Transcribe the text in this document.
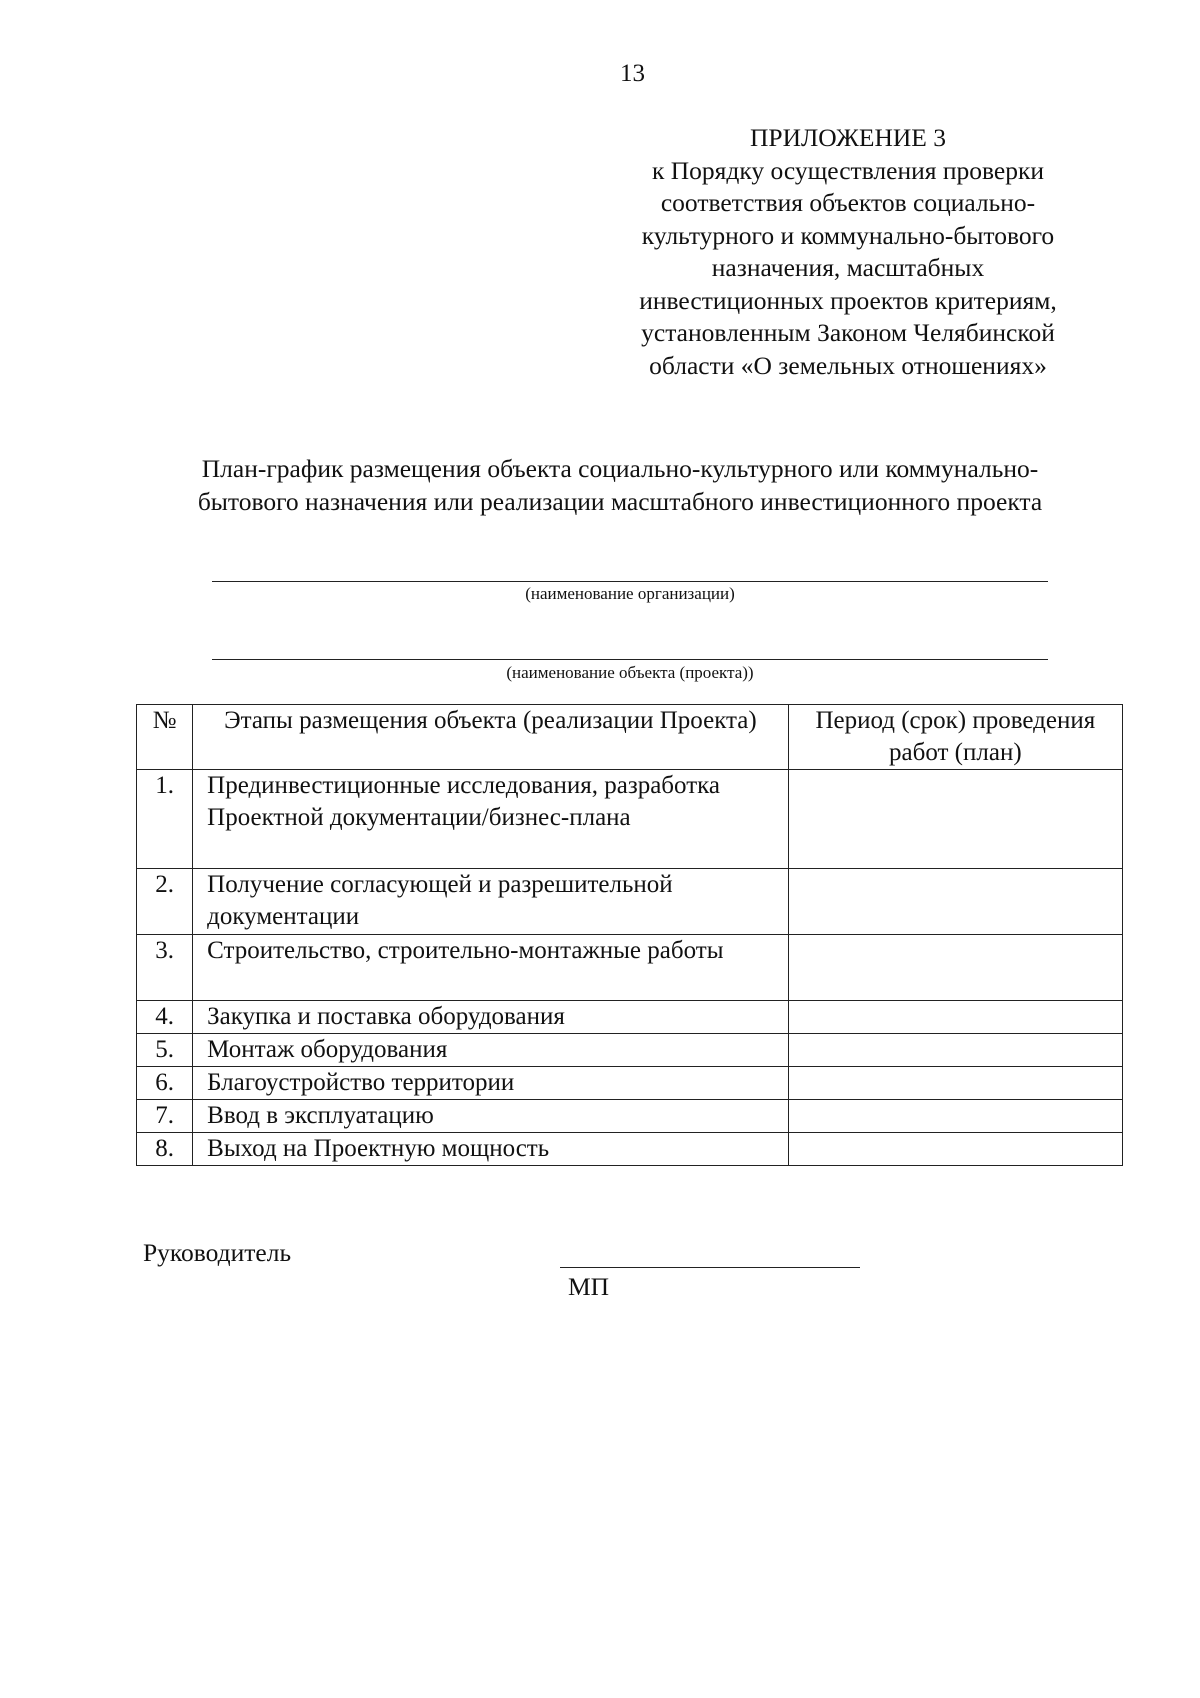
13
ПРИЛОЖЕНИЕ 3
к Порядку осуществления проверки
соответствия объектов социально-
культурного и коммунально-бытового
назначения, масштабных
инвестиционных проектов критериям,
установленным Законом Челябинской
области «О земельных отношениях»
План-график размещения объекта социально-культурного или коммунально-
бытового назначения или реализации масштабного инвестиционного проекта
(наименование организации)
(наименование объекта (проекта))
№	Этапы размещения объекта (реализации Проекта)	Период (срок) проведения работ (план)
1.	Прединвестиционные исследования, разработка Проектной документации/бизнес-плана	
2.	Получение согласующей и разрешительной документации	
3.	Строительство, строительно-монтажные работы	
4.	Закупка и поставка оборудования	
5.	Монтаж оборудования	
6.	Благоустройство территории	
7.	Ввод в эксплуатацию	
8.	Выход на Проектную мощность	
Руководитель
МП
